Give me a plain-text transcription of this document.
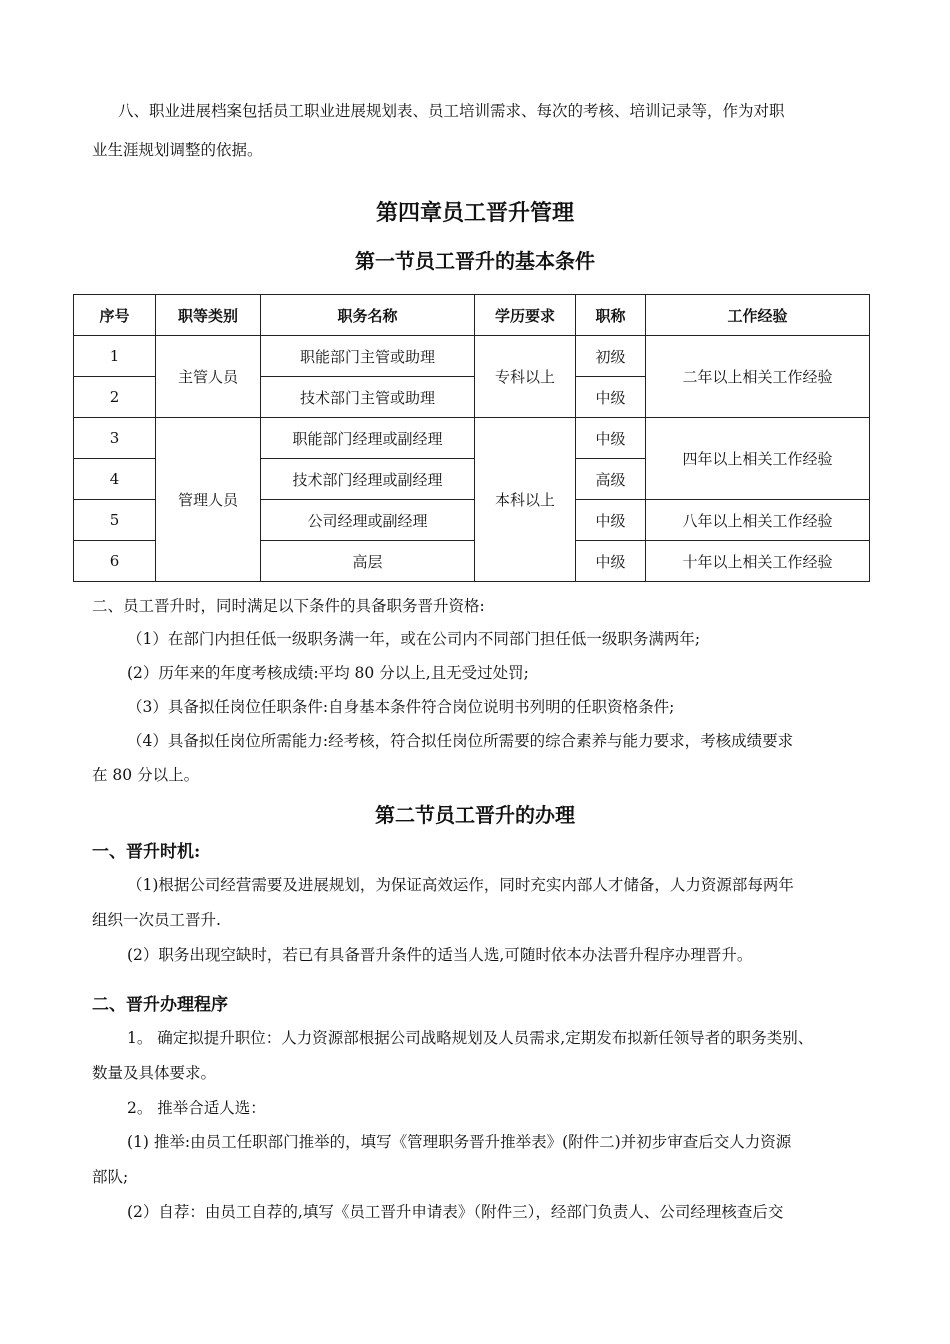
八、职业进展档案包括员工职业进展规划表、员工培训需求、每次的考核、培训记录等，作为对职
业生涯规划调整的依据。
第四章员工晋升管理
第一节员工晋升的基本条件
序号	职等类别	职务名称	学历要求	职称	工作经验
1	主管人员	职能部门主管或助理	专科以上	初级	二年以上相关工作经验
2		技术部门主管或助理		中级	
3	管理人员	职能部门经理或副经理	本科以上	中级	四年以上相关工作经验
4		技术部门经理或副经理		高级	
5		公司经理或副经理		中级	八年以上相关工作经验
6		高层		中级	十年以上相关工作经验
二、员工晋升时，同时满足以下条件的具备职务晋升资格:
（1）在部门内担任低一级职务满一年，或在公司内不同部门担任低一级职务满两年;
(2）历年来的年度考核成绩:平均 80 分以上,且无受过处罚;
（3）具备拟任岗位任职条件:自身基本条件符合岗位说明书列明的任职资格条件;
（4）具备拟任岗位所需能力:经考核，符合拟任岗位所需要的综合素养与能力要求，考核成绩要求
在 80 分以上。
第二节员工晋升的办理
一、晋升时机:
（1)根据公司经营需要及进展规划，为保证高效运作，同时充实内部人才储备，人力资源部每两年
组织一次员工晋升.
(2）职务出现空缺时，若已有具备晋升条件的适当人选,可随时依本办法晋升程序办理晋升。
二、晋升办理程序
1。 确定拟提升职位：人力资源部根据公司战略规划及人员需求,定期发布拟新任领导者的职务类别、
数量及具体要求。
2。 推举合适人选：
(1) 推举:由员工任职部门推举的，填写《管理职务晋升推举表》(附件二)并初步审查后交人力资源
部队;
(2）自荐：由员工自荐的,填写《员工晋升申请表》（附件三），经部门负责人、公司经理核查后交
